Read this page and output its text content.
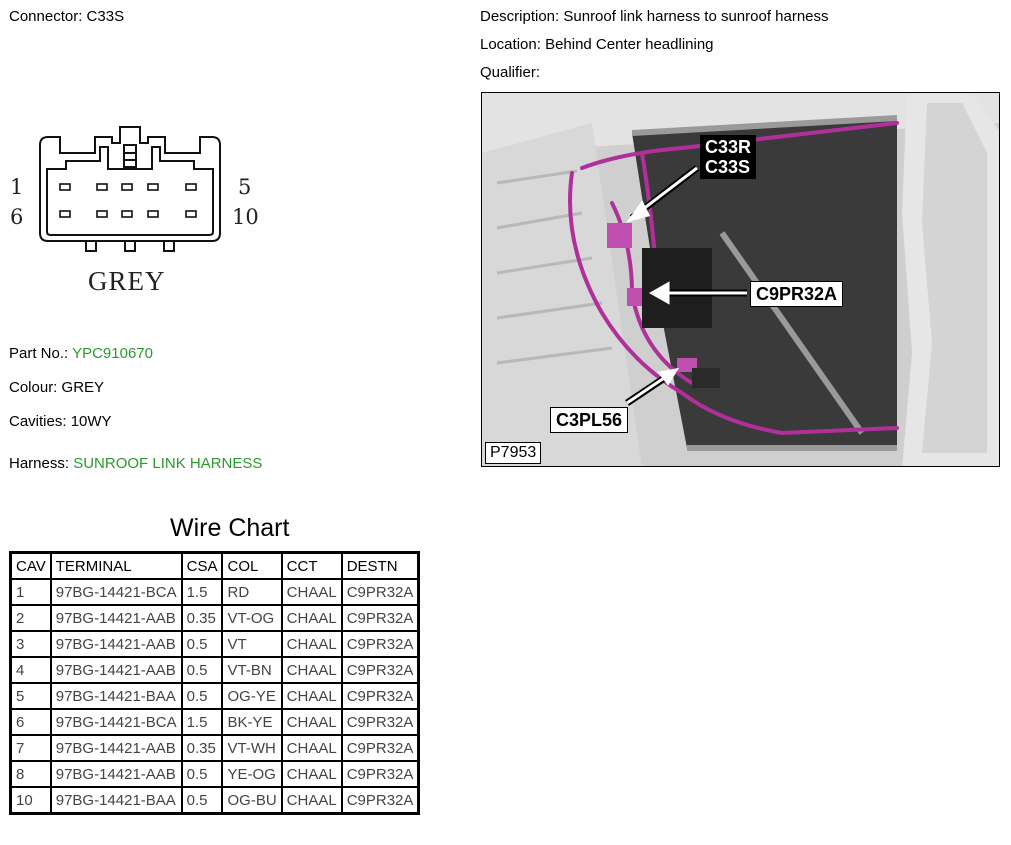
Connector: C33S	Description: Sunroof link harness to sunroof harness
Location: Behind Center headlining
Qualifier:
1
6
5
10
GREY
Part No.: YPC910670
Colour: GREY
Cavities: 10WY
Harness: SUNROOF LINK HARNESS
C33R
C33S
C9PR32A
C3PL56
P7953
Wire Chart
CAV	TERMINAL	CSA	COL	CCT	DESTN
1	97BG-14421-BCA	1.5	RD	CHAAL	C9PR32A
2	97BG-14421-AAB	0.35	VT-OG	CHAAL	C9PR32A
3	97BG-14421-AAB	0.5	VT	CHAAL	C9PR32A
4	97BG-14421-AAB	0.5	VT-BN	CHAAL	C9PR32A
5	97BG-14421-BAA	0.5	OG-YE	CHAAL	C9PR32A
6	97BG-14421-BCA	1.5	BK-YE	CHAAL	C9PR32A
7	97BG-14421-AAB	0.35	VT-WH	CHAAL	C9PR32A
8	97BG-14421-AAB	0.5	YE-OG	CHAAL	C9PR32A
10	97BG-14421-BAA	0.5	OG-BU	CHAAL	C9PR32A
